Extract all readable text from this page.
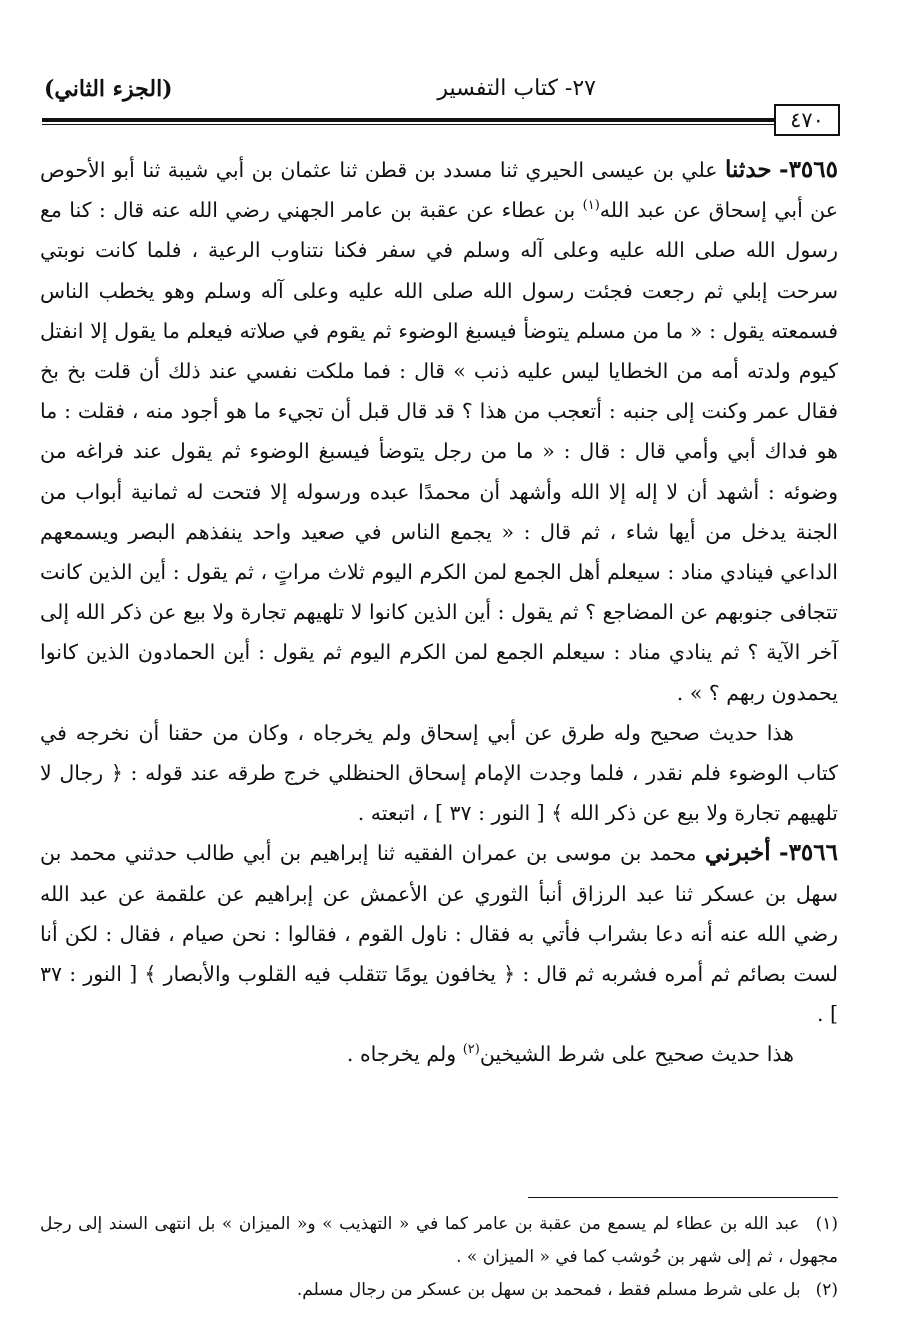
٢٧- كتاب التفسير
(الجزء الثاني)
٤٧٠

٣٥٦٥- حدثنا علي بن عيسى الحيري ثنا مسدد بن قطن ثنا عثمان بن أبي شيبة ثنا أبو الأحوص عن أبي إسحاق عن عبد الله$^{(١)}$ بن عطاء عن عقبة بن عامر الجهني رضي الله عنه قال : كنا مع رسول الله صلى الله عليه وعلى آله وسلم في سفر فكنا نتناوب الرعية ، فلما كانت نوبتي سرحت إبلي ثم رجعت فجئت رسول الله صلى الله عليه وعلى آله وسلم وهو يخطب الناس فسمعته يقول : « ما من مسلم يتوضأ فيسبغ الوضوء ثم يقوم في صلاته فيعلم ما يقول إلا انفتل كيوم ولدته أمه من الخطايا ليس عليه ذنب » قال : فما ملكت نفسي عند ذلك أن قلت بخ بخ فقال عمر وكنت إلى جنبه : أتعجب من هذا ؟ قد قال قبل أن تجيء ما هو أجود منه ، فقلت : ما هو فداك أبي وأمي قال : قال : « ما من رجل يتوضأ فيسبغ الوضوء ثم يقول عند فراغه من وضوئه : أشهد أن لا إله إلا الله وأشهد أن محمدًا عبده ورسوله إلا فتحت له ثمانية أبواب من الجنة يدخل من أيها شاء ، ثم قال : « يجمع الناس في صعيد واحد ينفذهم البصر ويسمعهم الداعي فينادي مناد : سيعلم أهل الجمع لمن الكرم اليوم ثلاث مراتٍ ، ثم يقول : أين الذين كانت تتجافى جنوبهم عن المضاجع ؟ ثم يقول : أين الذين كانوا لا تلهيهم تجارة ولا بيع عن ذكر الله إلى آخر الآية ؟ ثم ينادي مناد : سيعلم الجمع لمن الكرم اليوم ثم يقول : أين الحمادون الذين كانوا يحمدون ربهم ؟ » .

هذا حديث صحيح وله طرق عن أبي إسحاق ولم يخرجاه ، وكان من حقنا أن نخرجه في كتاب الوضوء فلم نقدر ، فلما وجدت الإمام إسحاق الحنظلي خرج طرقه عند قوله : ﴿ رجال لا تلهيهم تجارة ولا بيع عن ذكر الله ﴾ [ النور : ٣٧ ] ، اتبعته .

٣٥٦٦- أخبرني محمد بن موسى بن عمران الفقيه ثنا إبراهيم بن أبي طالب حدثني محمد بن سهل بن عسكر ثنا عبد الرزاق أنبأ الثوري عن الأعمش عن إبراهيم عن علقمة عن عبد الله رضي الله عنه أنه دعا بشراب فأتي به فقال : ناول القوم ، فقالوا : نحن صيام ، فقال : لكن أنا لست بصائم ثم أمره فشربه ثم قال : ﴿ يخافون يومًا تتقلب فيه القلوب والأبصار ﴾ [ النور : ٣٧ ] .

هذا حديث صحيح على شرط الشيخين$^{(٢)}$ ولم يخرجاه .

(١) عبد الله بن عطاء لم يسمع من عقبة بن عامر كما في « التهذيب » و« الميزان » بل انتهى السند إلى رجل مجهول ، ثم إلى شهر بن حُوشب كما في « الميزان » .

(٢) بل على شرط مسلم فقط ، فمحمد بن سهل بن عسكر من رجال مسلم.
